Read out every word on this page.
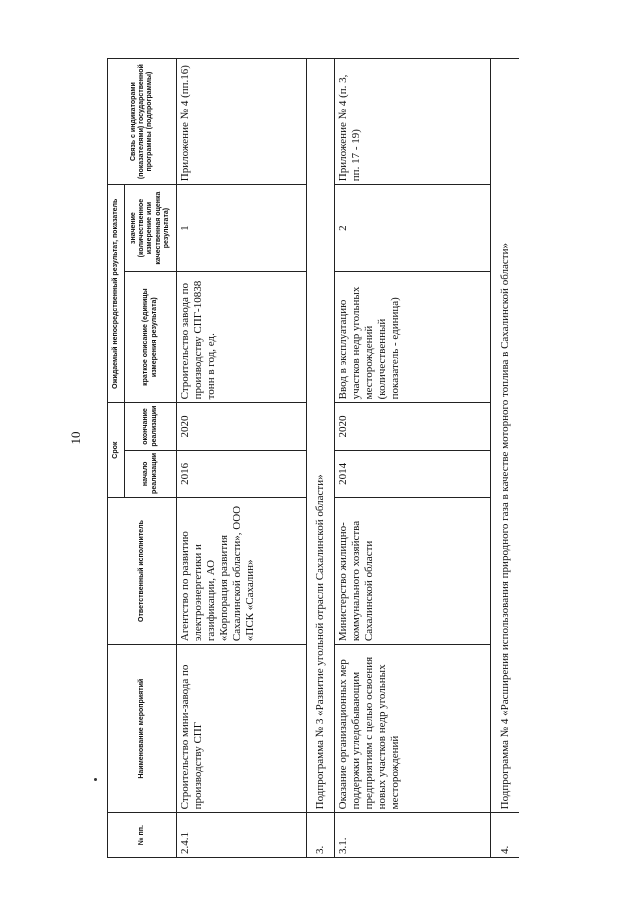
10
№ пп.	Наименование мероприятий	Ответственный исполнитель	Срок		Ожидаемый непосредственный результат, показатель		Связь с индикаторами (показателями) государственной программы (подпрограммы)
			начало реализации	окончание реализации	краткое описание (единицы измерения результата)	значение (количественное измерение или качественная оценка результата)	
2.4.1	Строительство мини-завода по производству СПГ	Агентство по развитию электроэнергетики и газификации, АО «Корпорация развития Сахалинской области», ООО «ПСК «Сахалин»	2016	2020	Строительство завода по производству СПГ-10838 тонн в год, ед.	1	Приложение № 4 (пп.16)
3.	Подпрограмма № 3 «Развитие угольной отрасли Сахалинской области»						
3.1.	Оказание организационных мер поддержки угледобывающим предприятиям с целью освоения новых участков недр угольных месторождений	Министерство жилищно-коммунального хозяйства Сахалинской области	2014	2020	Ввод в эксплуатацию участков недр угольных месторождений (количественный показатель - единица)	2	Приложение № 4 (п. 3, пп. 17 - 19)
4.	Подпрограмма № 4 «Расширения использования природного газа в качестве моторного топлива в Сахалинской области»						
